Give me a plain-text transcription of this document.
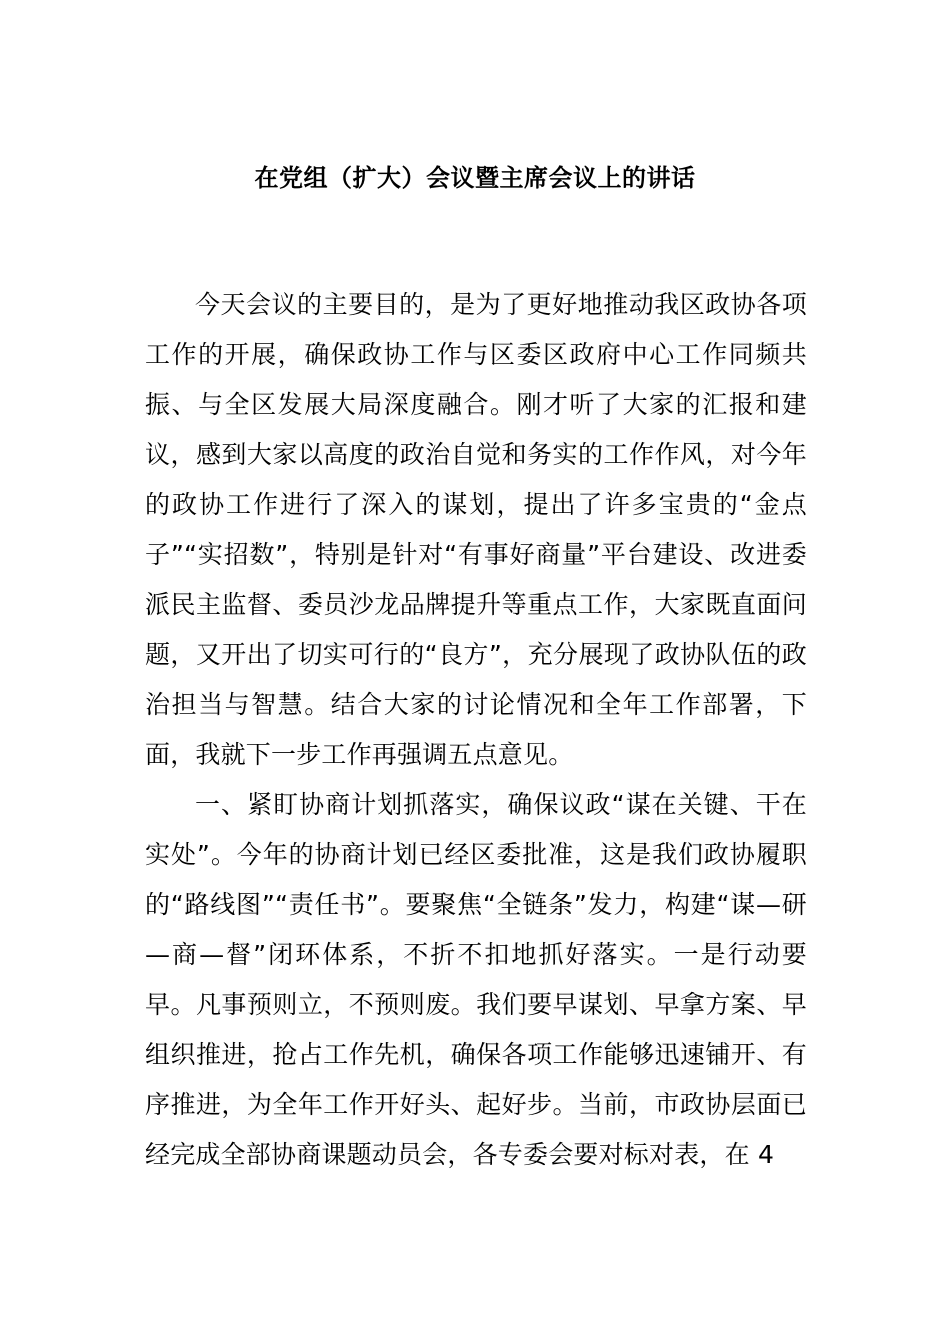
在党组（扩大）会议暨主席会议上的讲话

今天会议的主要目的，是为了更好地推动我区政协各项工作的开展，确保政协工作与区委区政府中心工作同频共振、与全区发展大局深度融合。刚才听了大家的汇报和建议，感到大家以高度的政治自觉和务实的工作作风，对今年的政协工作进行了深入的谋划，提出了许多宝贵的“金点子”“实招数”，特别是针对“有事好商量”平台建设、改进委派民主监督、委员沙龙品牌提升等重点工作，大家既直面问题，又开出了切实可行的“良方”，充分展现了政协队伍的政治担当与智慧。结合大家的讨论情况和全年工作部署，下面，我就下一步工作再强调五点意见。

一、紧盯协商计划抓落实，确保议政“谋在关键、干在实处”。今年的协商计划已经区委批准，这是我们政协履职的“路线图”“责任书”。要聚焦“全链条”发力，构建“谋—研—商—督”闭环体系，不折不扣地抓好落实。一是行动要早。凡事预则立，不预则废。我们要早谋划、早拿方案、早组织推进，抢占工作先机，确保各项工作能够迅速铺开、有序推进，为全年工作开好头、起好步。当前，市政协层面已经完成全部协商课题动员会，各专委会要对标对表，在 4
